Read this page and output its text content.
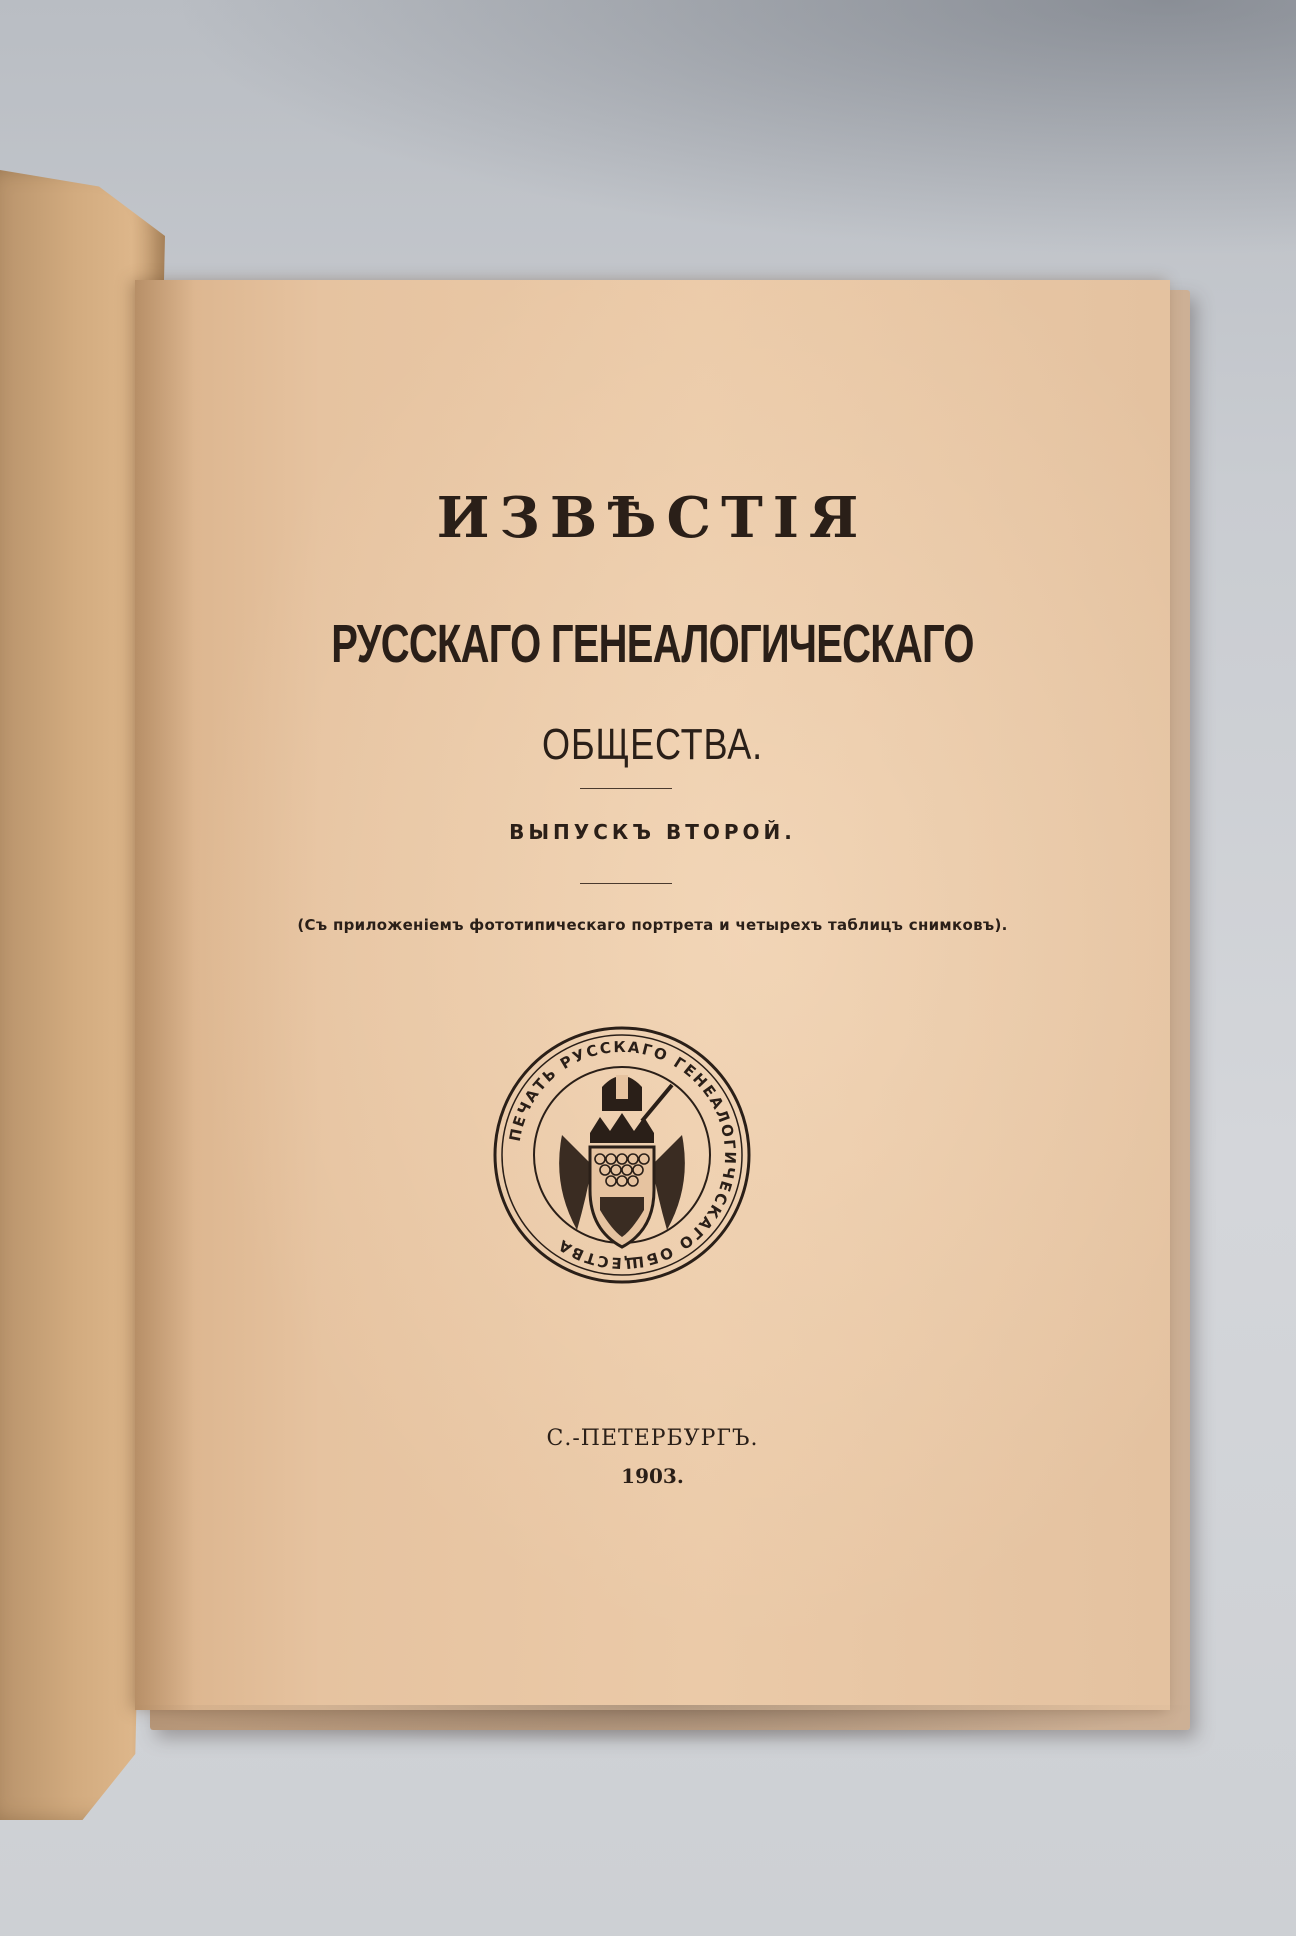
ИЗВѢСТІЯ
РУССКАГО ГЕНЕАЛОГИЧЕСКАГО
ОБЩЕСТВА.
ВЫПУСКЪ ВТОРОЙ.
(Съ приложеніемъ фототипическаго портрета и четырехъ таблицъ снимковъ).
ПЕЧАТЬ РУССКАГО ГЕНЕАЛОГИЧЕСКАГО ОБЩЕСТВА
С.-ПЕТЕРБУРГЪ.
1903.
